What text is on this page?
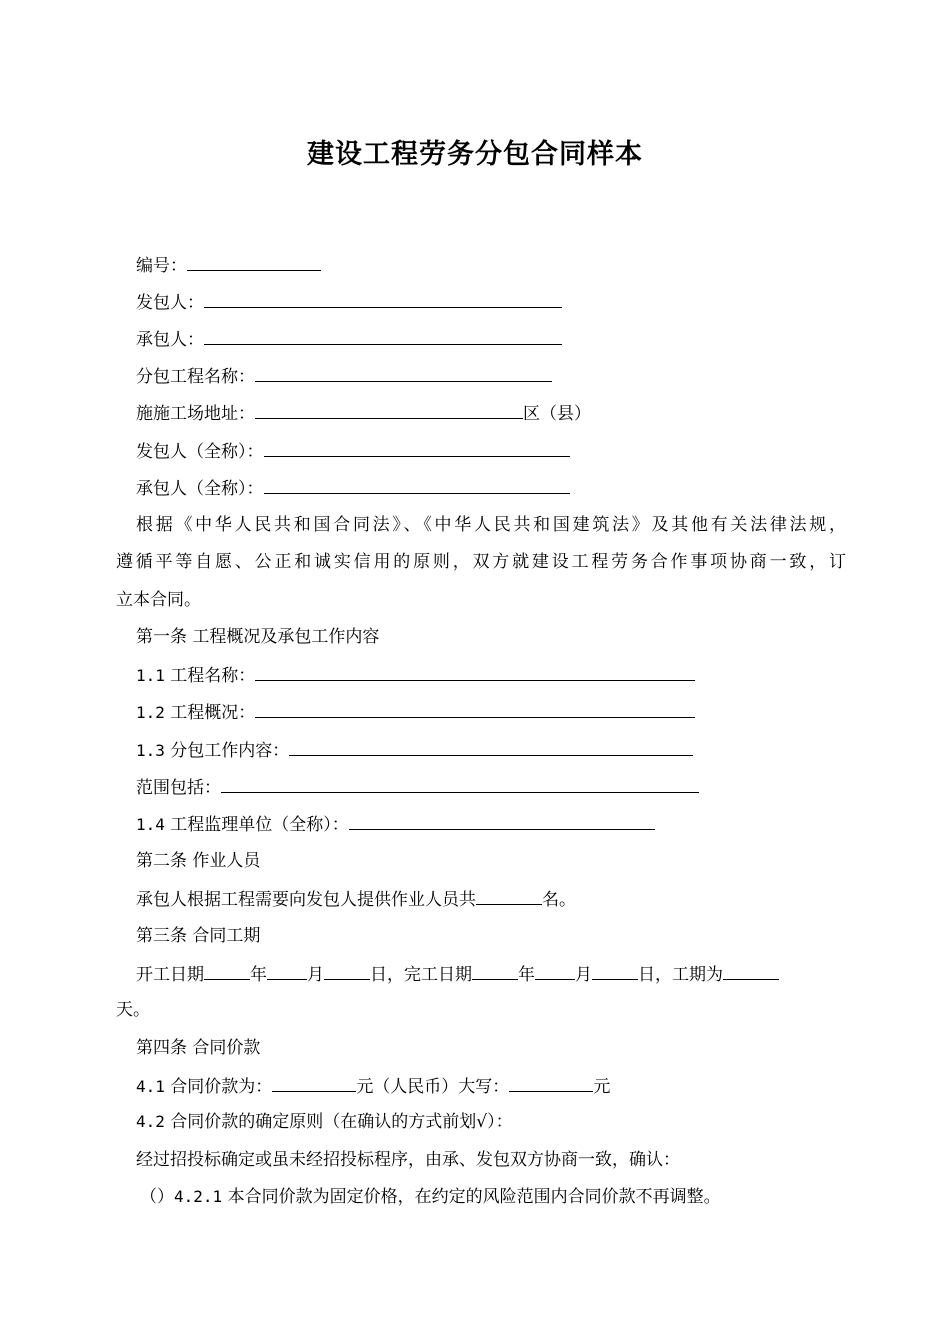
建设工程劳务分包合同样本
编号：
发包人：
承包人：
分包工程名称：
施施工场地址：	区（县）
发包人（全称）：
承包人（全称）：
根据《中华人民共和国合同法》、《中华人民共和国建筑法》及其他有关法律法规，
遵循平等自愿、公正和诚实信用的原则，双方就建设工程劳务合作事项协商一致，订
立本合同。
第一条 工程概况及承包工作内容
1.1 工程名称：
1.2 工程概况：
1.3 分包工作内容：
范围包括：
1.4 工程监理单位（全称）：
第二条 作业人员
承包人根据工程需要向发包人提供作业人员共	名。
第三条 合同工期
开工日期	年 月	日，完工日期	年 月	日，工期为
天。
第四条 合同价款
4.1 合同价款为：	元（人民币）大写：	元
4.2 合同价款的确定原则（在确认的方式前划√）：
经过招投标确定或虽未经招投标程序，由承、发包双方协商一致，确认：
（）4.2.1 本合同价款为固定价格，在约定的风险范围内合同价款不再调整。
